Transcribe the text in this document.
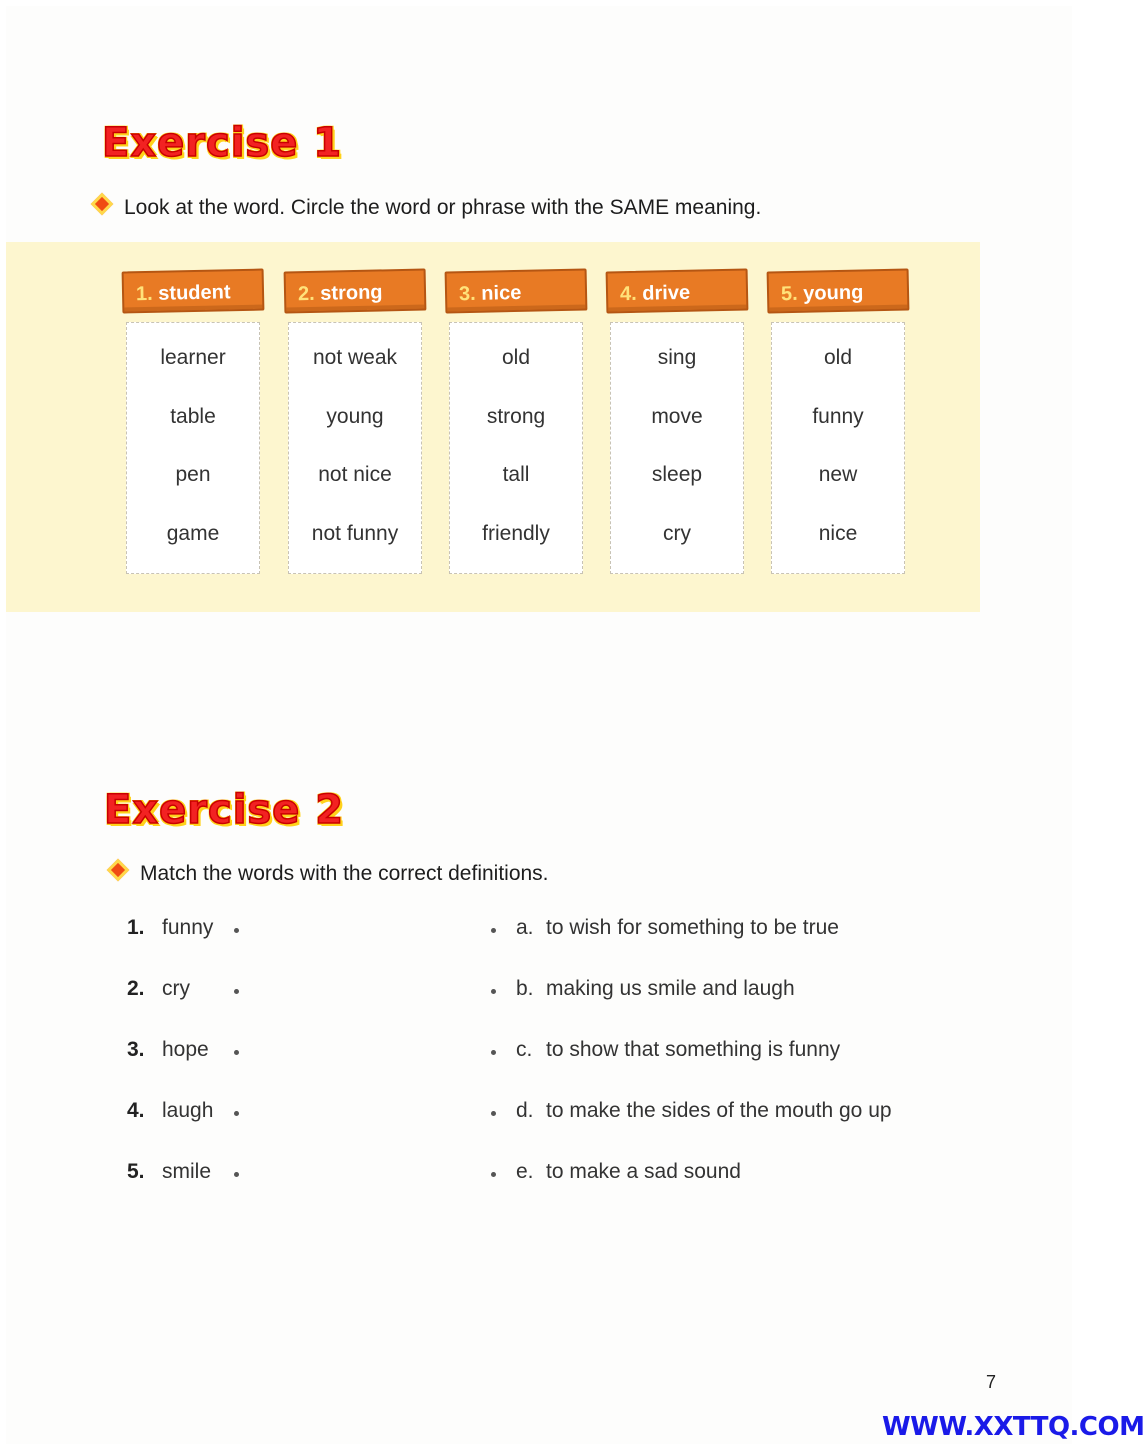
Exercise 1
Look at the word. Circle the word or phrase with the SAME meaning.
1. student
learner
table
pen
game
2. strong
not weak
young
not nice
not funny
3. nice
old
strong
tall
friendly
4. drive
sing
move
sleep
cry
5. young
old
funny
new
nice
Exercise 2
Match the words with the correct definitions.
1. funny	a. to wish for something to be true
2. cry	b. making us smile and laugh
3. hope	c. to show that something is funny
4. laugh	d. to make the sides of the mouth go up
5. smile	e. to make a sad sound
7
WWW.XXTTQ.COM
